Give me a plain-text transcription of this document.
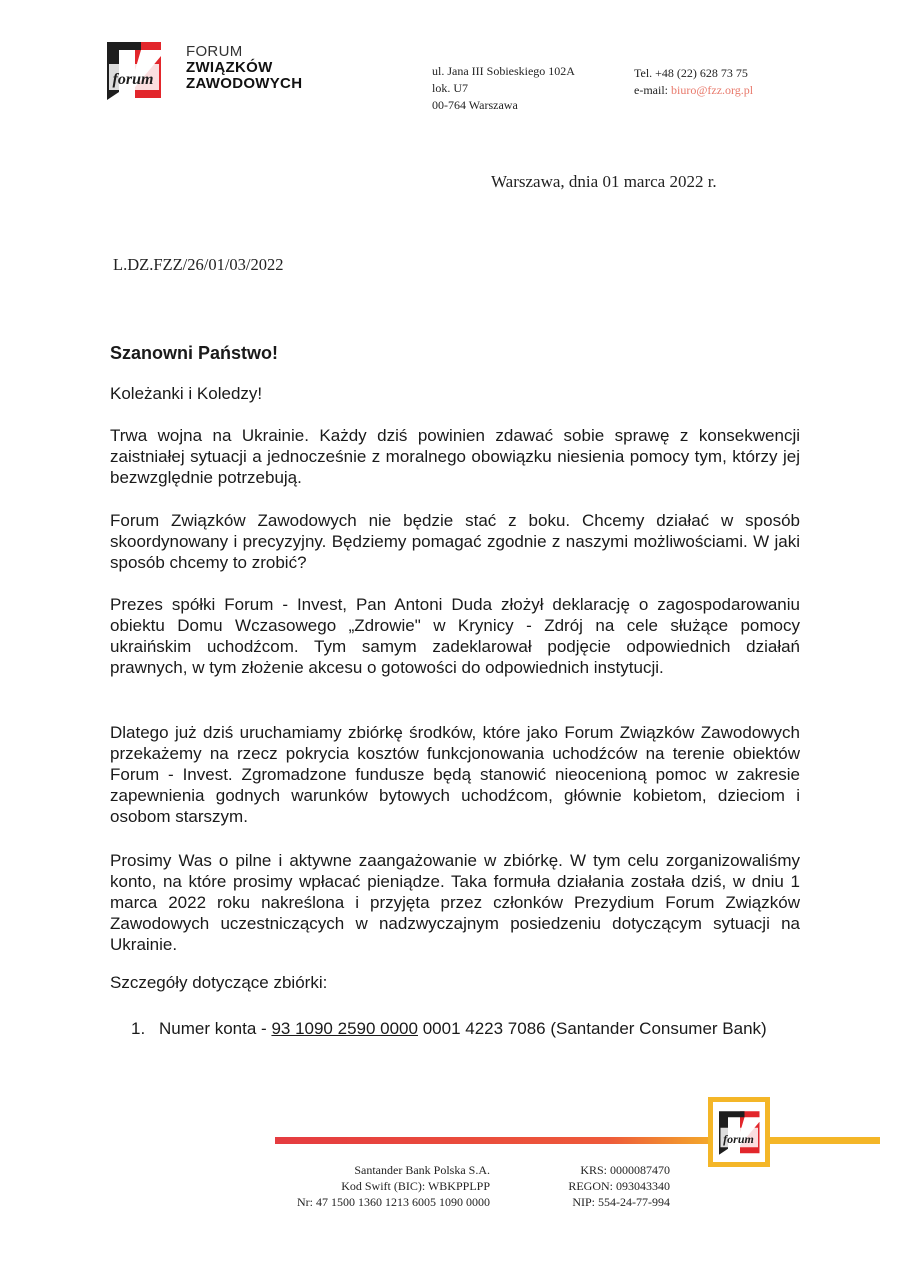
forum
FORUM
ZWIĄZKÓW
ZAWODOWYCH
ul. Jana III Sobieskiego 102A
lok. U7
00-764 Warszawa
Tel. +48 (22) 628 73 75
e-mail: biuro@fzz.org.pl
Warszawa, dnia 01 marca 2022 r.
L.DZ.FZZ/26/01/03/2022
Szanowni Państwo!
Koleżanki i Koledzy!

Trwa wojna na Ukrainie. Każdy dziś powinien zdawać sobie sprawę z konsekwencji zaistniałej sytuacji a jednocześnie z moralnego obowiązku niesienia pomocy tym, którzy jej bezwzględnie potrzebują.

Forum Związków Zawodowych nie będzie stać z boku. Chcemy działać w sposób skoordynowany i precyzyjny. Będziemy pomagać zgodnie z naszymi możliwościami. W jaki sposób chcemy to zrobić?

Prezes spółki Forum - Invest, Pan Antoni Duda złożył deklarację o zagospodarowaniu obiektu Domu Wczasowego „Zdrowie" w Krynicy - Zdrój na cele służące pomocy ukraińskim uchodźcom. Tym samym zadeklarował podjęcie odpowiednich działań prawnych, w tym złożenie akcesu o gotowości do odpowiednich instytucji.

Dlatego już dziś uruchamiamy zbiórkę środków, które jako Forum Związków Zawodowych przekażemy na rzecz pokrycia kosztów funkcjonowania uchodźców na terenie obiektów Forum - Invest. Zgromadzone fundusze będą stanowić nieocenioną pomoc w zakresie zapewnienia godnych warunków bytowych uchodźcom, głównie kobietom, dzieciom i osobom starszym.

Prosimy Was o pilne i aktywne zaangażowanie w zbiórkę. W tym celu zorganizowaliśmy konto, na które prosimy wpłacać pieniądze. Taka formuła działania została dziś, w dniu 1 marca 2022 roku nakreślona i przyjęta przez członków Prezydium Forum Związków Zawodowych uczestniczących w nadzwyczajnym posiedzeniu dotyczącym sytuacji na Ukrainie.

Szczegóły dotyczące zbiórki:
1. Numer konta - 93 1090 2590 0000 0001 4223 7086 (Santander Consumer Bank)
forum
Santander Bank Polska S.A.
Kod Swift (BIC): WBKPPLPP
Nr: 47 1500 1360 1213 6005 1090 0000
KRS: 0000087470
REGON: 093043340
NIP: 554-24-77-994
